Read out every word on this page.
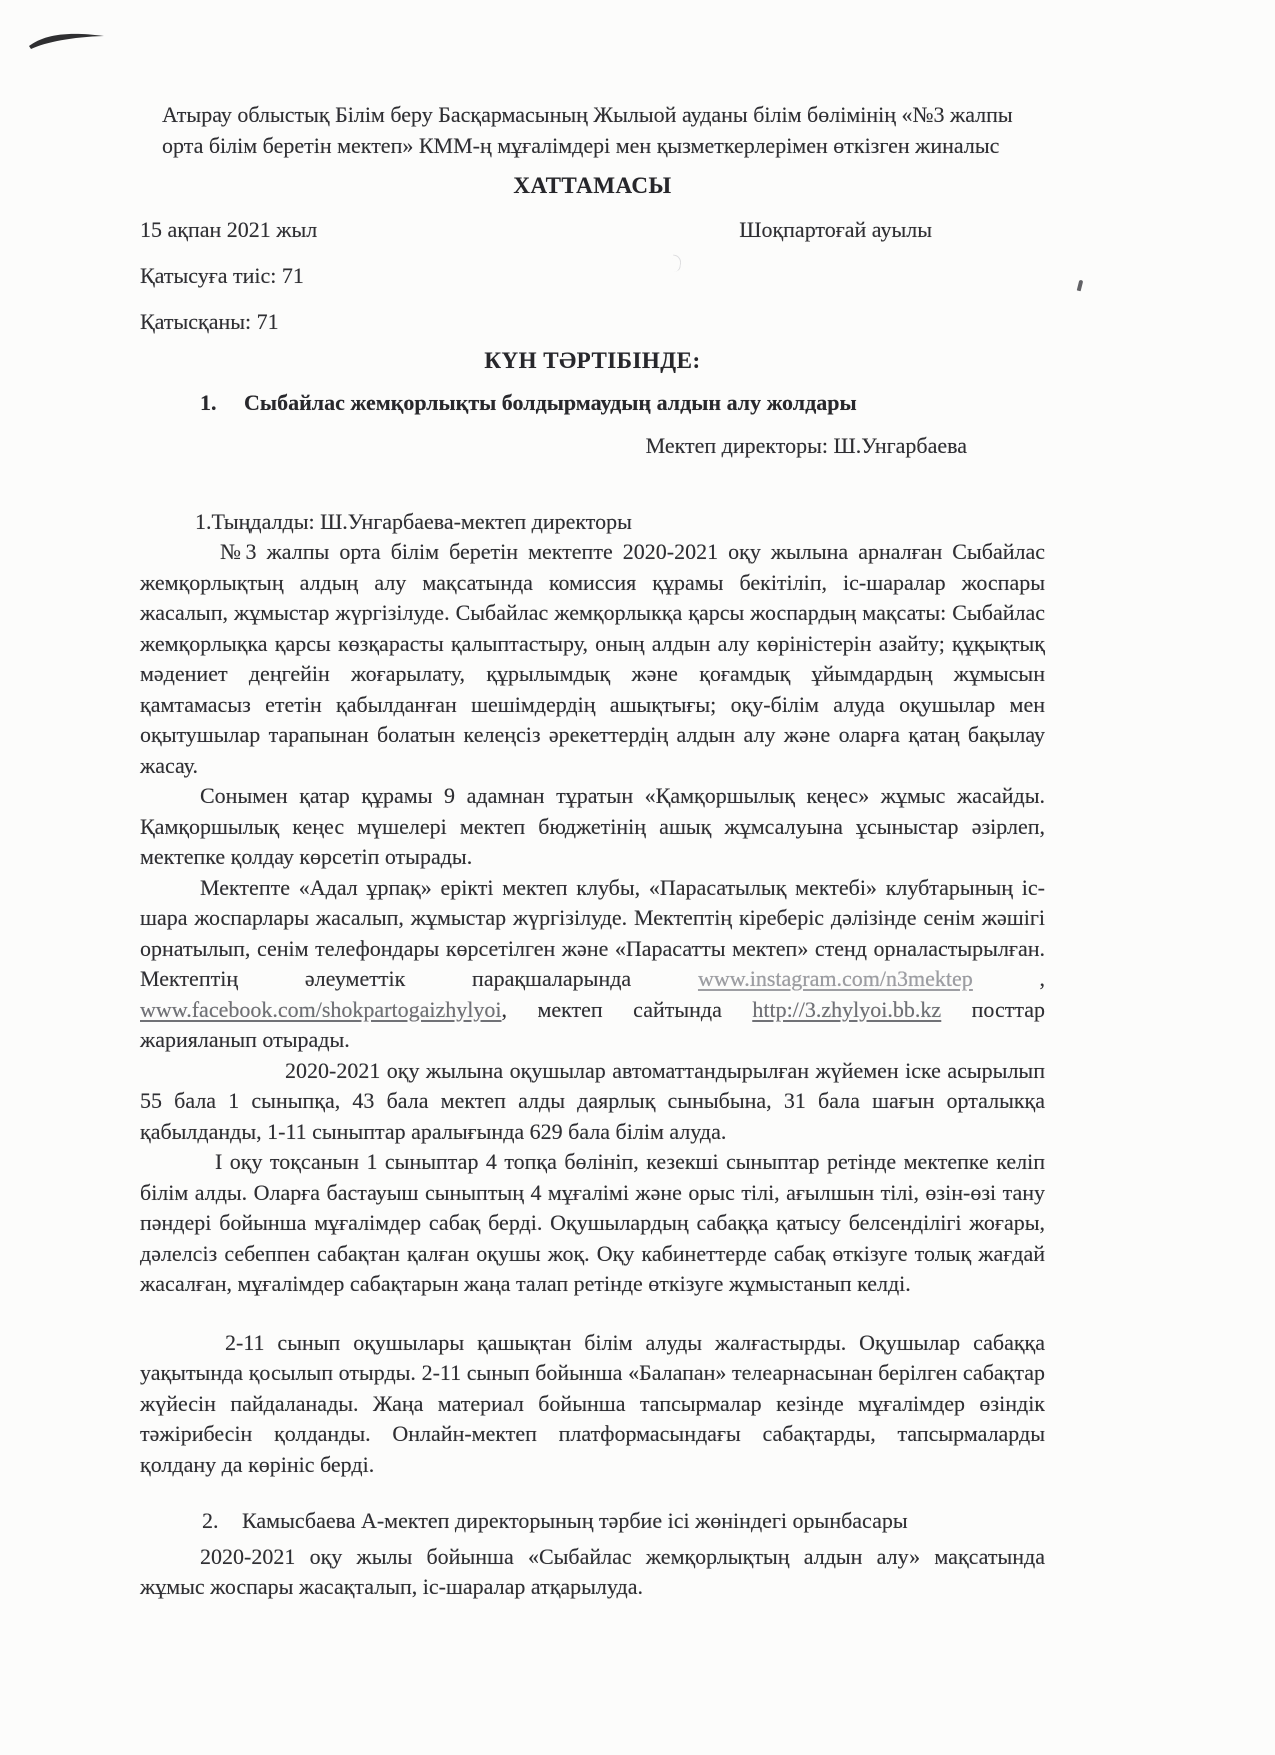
Атырау облыстық Білім беру Басқармасының Жылыой ауданы білім бөлімінің «№3 жалпы орта білім беретін мектеп» КММ-ң мұғалімдері мен қызметкерлерімен өткізген жиналыс

ХАТТАМАСЫ

15 ақпан 2021 жыл	Шоқпартоғай ауылы

Қатысуға тиіс: 71

Қатысқаны: 71

КҮН ТӘРТІБІНДЕ:

1.	Сыбайлас жемқорлықты болдырмаудың алдын алу жолдары

Мектеп директоры: Ш.Унгарбаева

1.Тыңдалды: Ш.Унгарбаева-мектеп директоры

№3 жалпы орта білім беретін мектепте 2020-2021 оқу жылына арналған Сыбайлас жемқорлықтың алдың алу мақсатында комиссия құрамы бекітіліп, іс-шаралар жоспары жасалып, жұмыстар жүргізілуде. Сыбайлас жемқорлыкқа қарсы жоспардың мақсаты: Сыбайлас жемқорлықка қарсы көзқарасты қалыптастыру, оның алдын алу көріністерін азайту; құқықтық мәдениет деңгейін жоғарылату, құрылымдық және қоғамдық ұйымдардың жұмысын қамтамасыз ететін қабылданған шешімдердің ашықтығы; оқу-білім алуда оқушылар мен оқытушылар тарапынан болатын келеңсіз әрекеттердің алдын алу және оларға қатаң бақылау жасау.

Сонымен қатар құрамы 9 адамнан тұратын «Қамқоршылық кеңес» жұмыс жасайды. Қамқоршылық кеңес мүшелері мектеп бюджетінің ашық жұмсалуына ұсыныстар әзірлеп, мектепке қолдау көрсетіп отырады.

Мектепте «Адал ұрпақ» ерікті мектеп клубы, «Парасатылық мектебі» клубтарының іс-шара жоспарлары жасалып, жұмыстар жүргізілуде. Мектептің кіреберіс дәлізінде сенім жәшігі орнатылып, сенім телефондары көрсетілген және «Парасатты мектеп» стенд орналастырылған. Мектептің әлеуметтік парақшаларында www.instagram.com/n3mektep , www.facebook.com/shokpartogaizhylyoi, мектеп сайтында http://3.zhylyoi.bb.kz посттар жарияланып отырады.

2020-2021 оқу жылына оқушылар автоматтандырылған жүйемен іске асырылып 55 бала 1 сыныпқа, 43 бала мектеп алды даярлық сыныбына, 31 бала шағын орталыкқа қабылданды, 1-11 сыныптар аралығында 629 бала білім алуда.

І оқу тоқсанын 1 сыныптар 4 топқа бөлініп, кезекші сыныптар ретінде мектепке келіп білім алды. Оларға бастауыш сыныптың 4 мұғалімі және орыс тілі, ағылшын тілі, өзін-өзі тану пәндері бойынша мұғалімдер сабақ берді. Оқушылардың сабаққа қатысу белсенділігі жоғары, дәлелсіз себеппен сабақтан қалған оқушы жоқ. Оқу кабинеттерде сабақ өткізуге толық жағдай жасалған, мұғалімдер сабақтарын жаңа талап ретінде өткізуге жұмыстанып келді.

2-11 сынып оқушылары қашықтан білім алуды жалғастырды. Оқушылар сабаққа уақытында қосылып отырды. 2-11 сынып бойынша «Балапан» телеарнасынан берілген сабақтар жүйесін пайдаланады. Жаңа материал бойынша тапсырмалар кезінде мұғалімдер өзіндік тәжірибесін қолданды. Онлайн-мектеп платформасындағы сабақтарды, тапсырмаларды қолдану да көрініс берді.

2.	Камысбаева А-мектеп директорының тәрбие ісі жөніндегі орынбасары

2020-2021 оқу жылы бойынша «Сыбайлас жемқорлықтың алдын алу» мақсатында жұмыс жоспары жасақталып, іс-шаралар атқарылуда.
